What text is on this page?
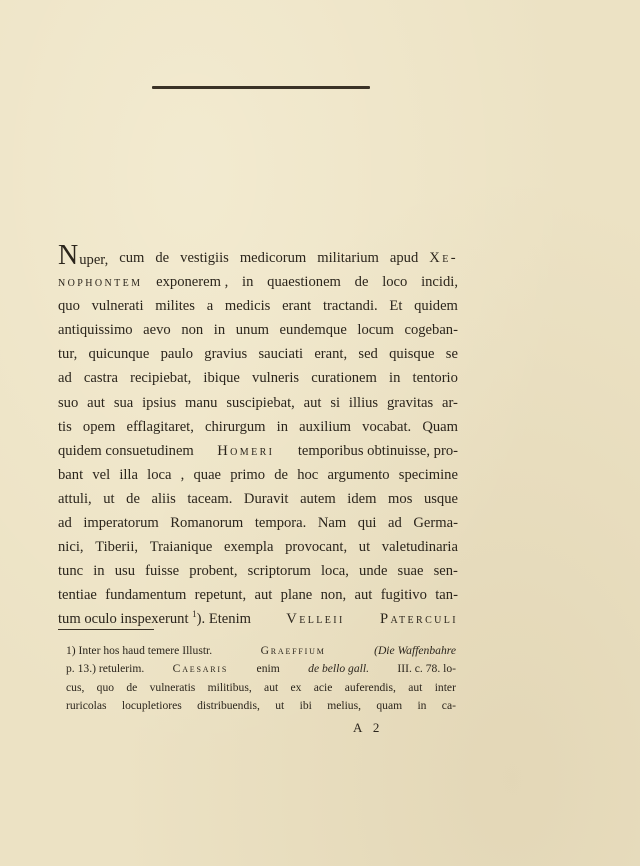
Nuper, cum de vestigiis medicorum militarium apud Xe-
nophontem exponerem , in quaestionem de loco incidi,
quo vulnerati milites a medicis erant tractandi. Et quidem
antiquissimo aevo non in unum eundemque locum cogeban-
tur, quicunque paulo gravius sauciati erant, sed quisque se
ad castra recipiebat, ibique vulneris curationem in tentorio
suo aut sua ipsius manu suscipiebat, aut si illius gravitas ar-
tis opem efflagitaret, chirurgum in auxilium vocabat. Quam
quidem consuetudinem Homeri temporibus obtinuisse, pro-
bant vel illa loca , quae primo de hoc argumento specimine
attuli, ut de aliis taceam. Duravit autem idem mos usque
ad imperatorum Romanorum tempora. Nam qui ad Germa-
nici, Tiberii, Traianique exempla provocant, ut valetudinaria
tunc in usu fuisse probent, scriptorum loca, unde suae sen-
tentiae fundamentum repetunt, aut plane non, aut fugitivo tan-
tum oculo inspexerunt $^1$). Etenim Velleii Paterculi
1) Inter hos haud temere Illustr.	Graeffium	(Die Waffenbahre
p. 13.) retulerim. Caesaris enim de bello gall. III. c. 78. lo-
cus, quo de vulneratis militibus, aut ex acie auferendis, aut inter
ruricolas locupletiores distribuendis, ut ibi melius, quam in ca-
A 2
